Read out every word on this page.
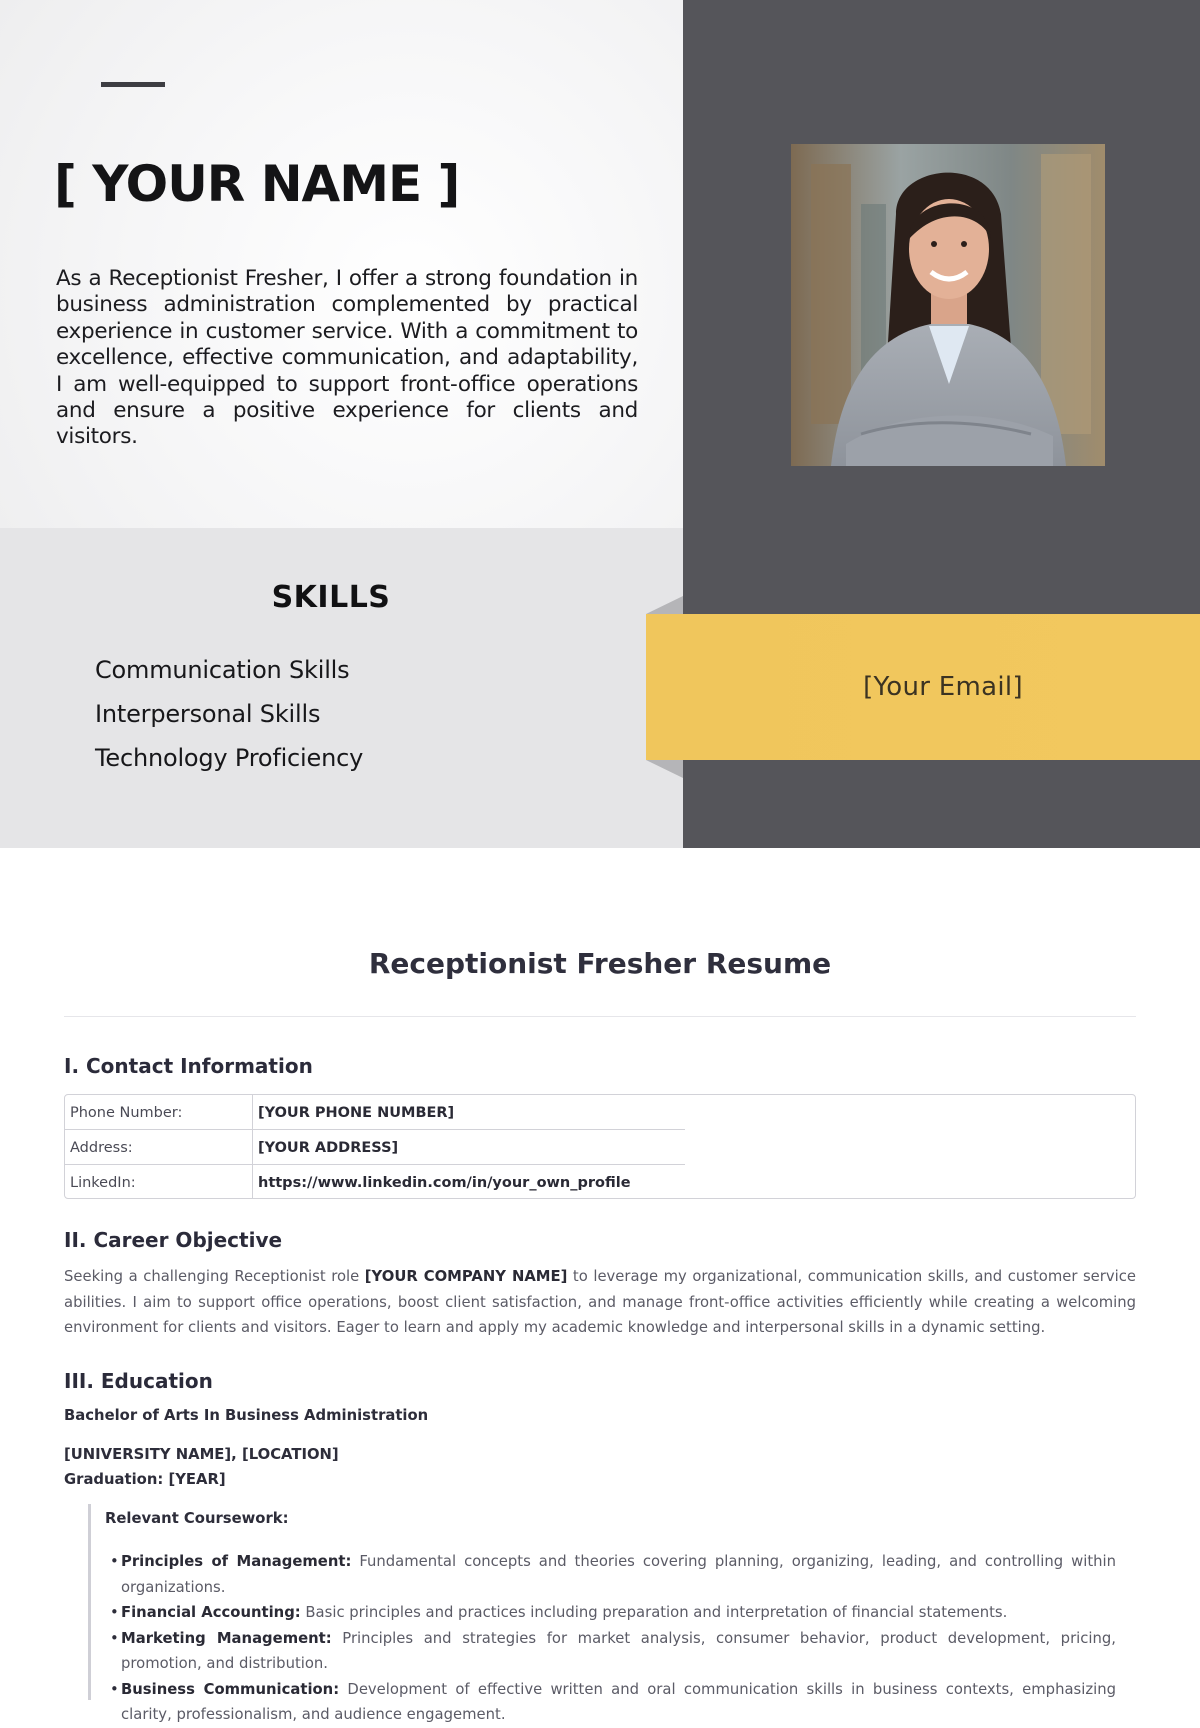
[ YOUR NAME ]

As a Receptionist Fresher, I offer a strong foundation in business administration complemented by practical experience in customer service. With a commitment to excellence, effective communication, and adaptability, I am well-equipped to support front-office operations and ensure a positive experience for clients and visitors.

SKILLS
Communication Skills
Interpersonal Skills
Technology Proficiency
[Your Email]
Receptionist Fresher Resume
I. Contact Information
Phone Number:	[YOUR PHONE NUMBER]
Address:	[YOUR ADDRESS]
LinkedIn:	https://www.linkedin.com/in/your_own_profile
II. Career Objective

Seeking a challenging Receptionist role [YOUR COMPANY NAME] to leverage my organizational, communication skills, and customer service abilities. I aim to support office operations, boost client satisfaction, and manage front-office activities efficiently while creating a welcoming environment for clients and visitors. Eager to learn and apply my academic knowledge and interpersonal skills in a dynamic setting.

III. Education
Bachelor of Arts In Business Administration
[UNIVERSITY NAME], [LOCATION]
Graduation: [YEAR]
Relevant Coursework:
• Principles of Management: Fundamental concepts and theories covering planning, organizing, leading, and controlling within organizations.
• Financial Accounting: Basic principles and practices including preparation and interpretation of financial statements.
• Marketing Management: Principles and strategies for market analysis, consumer behavior, product development, pricing, promotion, and distribution.
• Business Communication: Development of effective written and oral communication skills in business contexts, emphasizing clarity, professionalism, and audience engagement.
